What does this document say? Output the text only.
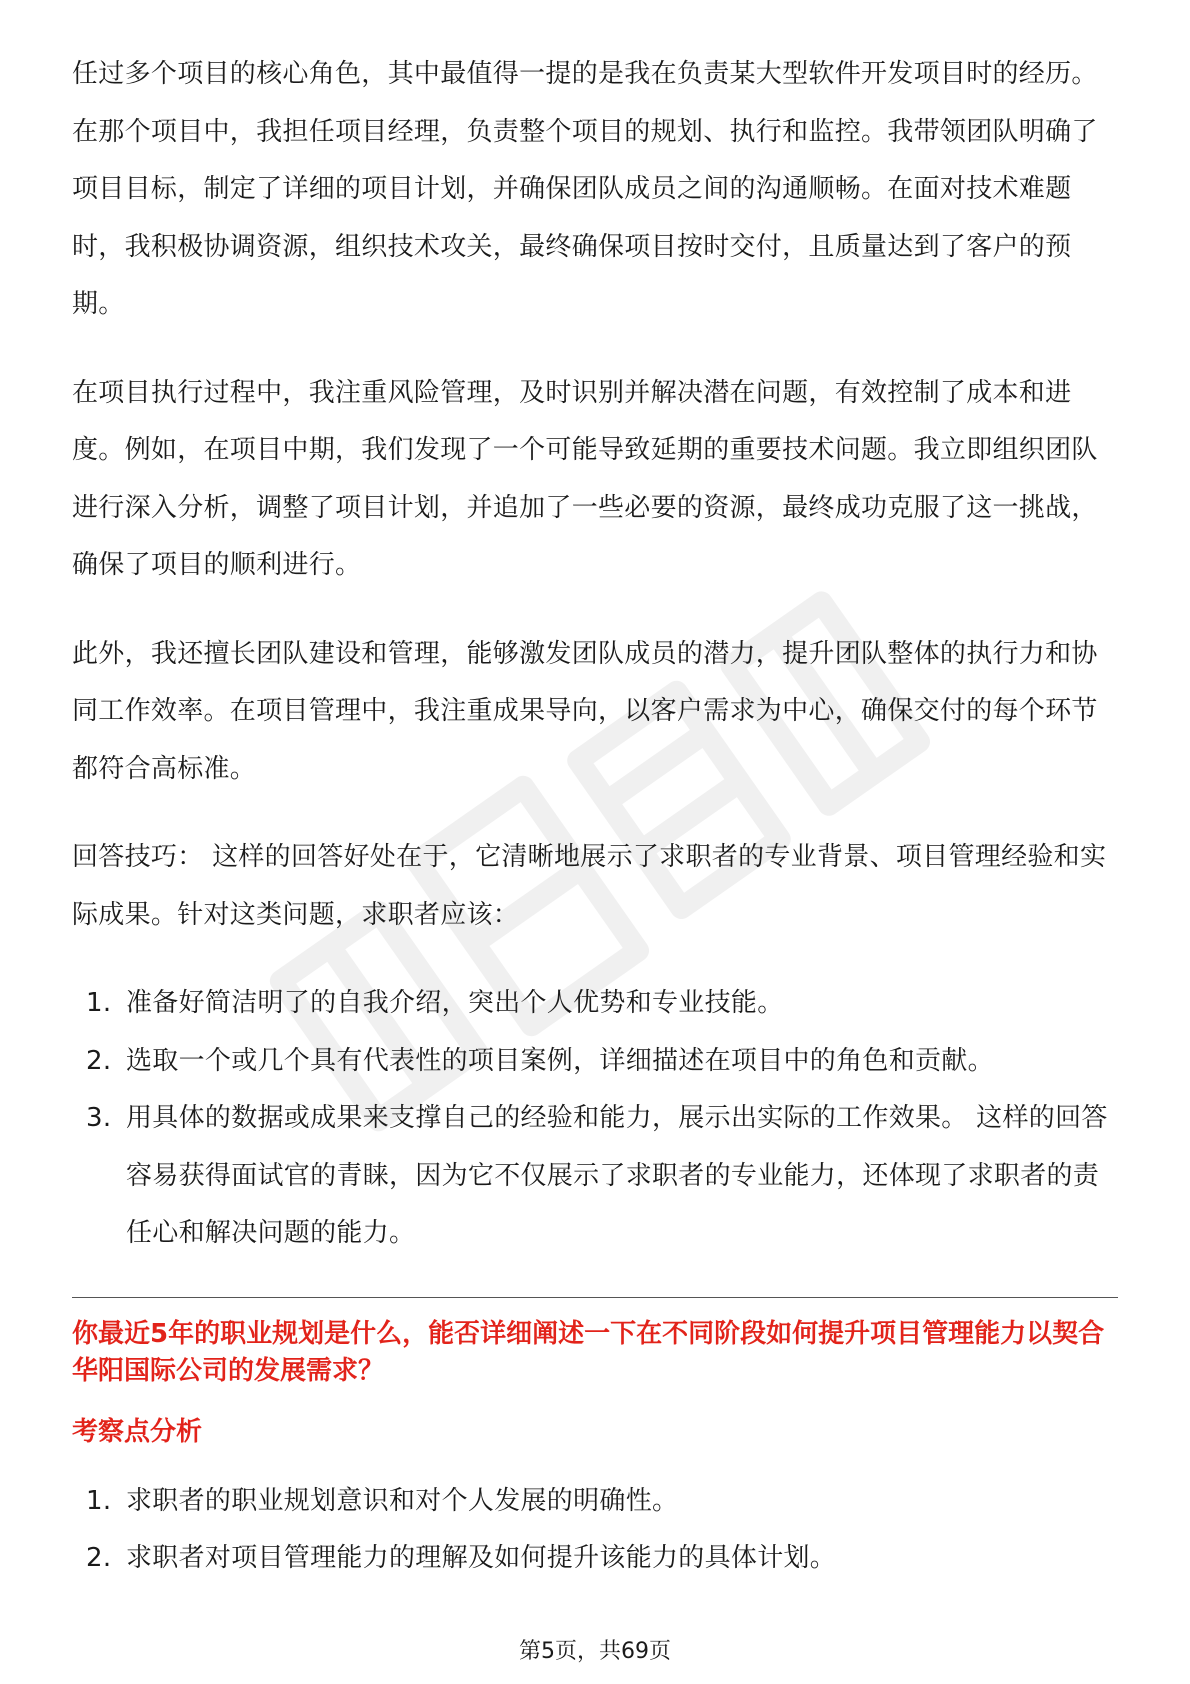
任过多个项目的核心角色，其中最值得一提的是我在负责某大型软件开发项目时的经历。在那个项目中，我担任项目经理，负责整个项目的规划、执行和监控。我带领团队明确了项目目标，制定了详细的项目计划，并确保团队成员之间的沟通顺畅。在面对技术难题时，我积极协调资源，组织技术攻关，最终确保项目按时交付，且质量达到了客户的预期。

在项目执行过程中，我注重风险管理，及时识别并解决潜在问题，有效控制了成本和进度。例如，在项目中期，我们发现了一个可能导致延期的重要技术问题。我立即组织团队进行深入分析，调整了项目计划，并追加了一些必要的资源，最终成功克服了这一挑战，确保了项目的顺利进行。

此外，我还擅长团队建设和管理，能够激发团队成员的潜力，提升团队整体的执行力和协同工作效率。在项目管理中，我注重成果导向，以客户需求为中心，确保交付的每个环节都符合高标准。

回答技巧： 这样的回答好处在于，它清晰地展示了求职者的专业背景、项目管理经验和实际成果。针对这类问题，求职者应该：

1. 准备好简洁明了的自我介绍，突出个人优势和专业技能。
2. 选取一个或几个具有代表性的项目案例，详细描述在项目中的角色和贡献。
3. 用具体的数据或成果来支撑自己的经验和能力，展示出实际的工作效果。 这样的回答容易获得面试官的青睐，因为它不仅展示了求职者的专业能力，还体现了求职者的责任心和解决问题的能力。
你最近5年的职业规划是什么，能否详细阐述一下在不同阶段如何提升项目管理能力以契合华阳国际公司的发展需求？
考察点分析
1. 求职者的职业规划意识和对个人发展的明确性。
2. 求职者对项目管理能力的理解及如何提升该能力的具体计划。
第5页，共69页
